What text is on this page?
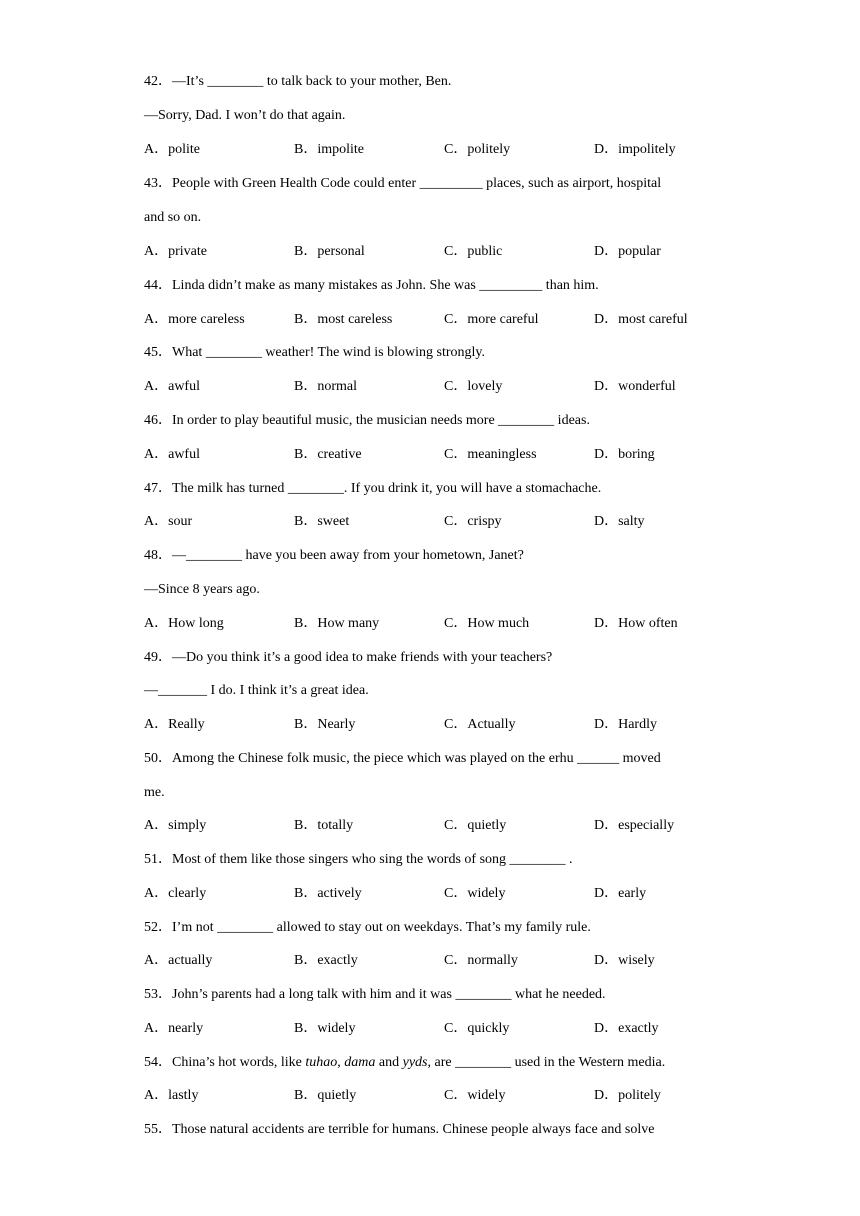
42．—It’s ________ to talk back to your mother, Ben.
—Sorry, Dad. I won’t do that again.
A．polite	B．impolite	C．politely	D．impolitely
43．People with Green Health Code could enter _________ places, such as airport, hospital
and so on.
A．private	B．personal	C．public	D．popular
44．Linda didn’t make as many mistakes as John. She was _________ than him.
A．more careless	B．most careless	C．more careful	D．most careful
45．What ________ weather! The wind is blowing strongly.
A．awful	B．normal	C．lovely	D．wonderful
46．In order to play beautiful music, the musician needs more ________ ideas.
A．awful	B．creative	C．meaningless	D．boring
47．The milk has turned ________. If you drink it, you will have a stomachache.
A．sour	B．sweet	C．crispy	D．salty
48．—________ have you been away from your hometown, Janet?
—Since 8 years ago.
A．How long	B．How many	C．How much	D．How often
49．—Do you think it’s a good idea to make friends with your teachers?
—_______ I do. I think it’s a great idea.
A．Really	B．Nearly	C．Actually	D．Hardly
50．Among the Chinese folk music, the piece which was played on the erhu ______ moved
me.
A．simply	B．totally	C．quietly	D．especially
51．Most of them like those singers who sing the words of song ________ .
A．clearly	B．actively	C．widely	D．early
52．I’m not ________ allowed to stay out on weekdays. That’s my family rule.
A．actually	B．exactly	C．normally	D．wisely
53．John’s parents had a long talk with him and it was ________ what he needed.
A．nearly	B．widely	C．quickly	D．exactly
54．China’s hot words, like tuhao, dama and yyds, are ________ used in the Western media.
A．lastly	B．quietly	C．widely	D．politely
55．Those natural accidents are terrible for humans. Chinese people always face and solve
